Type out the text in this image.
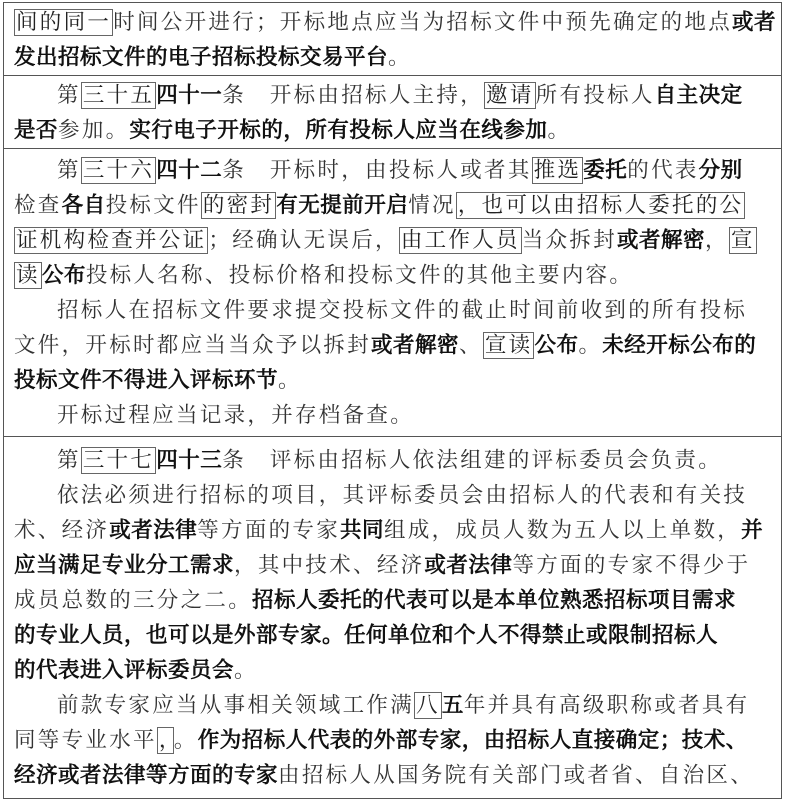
间的同一时间公开进行；开标地点应当为招标文件中预先确定的地点或者
发出招标文件的电子招标投标交易平台。
第三十五四十一条　开标由招标人主持，邀请所有投标人自主决定
是否参加。实行电子开标的，所有投标人应当在线参加。
第三十六四十二条　开标时，由投标人或者其推选委托的代表分别
检查各自投标文件的密封有无提前开启情况，也可以由招标人委托的公
证机构检查并公证；经确认无误后，由工作人员当众拆封或者解密，宣
读公布投标人名称、投标价格和投标文件的其他主要内容。
招标人在招标文件要求提交投标文件的截止时间前收到的所有投标
文件，开标时都应当当众予以拆封或者解密、宣读公布。未经开标公布的
投标文件不得进入评标环节。
开标过程应当记录，并存档备查。
第三十七四十三条　评标由招标人依法组建的评标委员会负责。
依法必须进行招标的项目，其评标委员会由招标人的代表和有关技
术、经济或者法律等方面的专家共同组成，成员人数为五人以上单数，并
应当满足专业分工需求，其中技术、经济或者法律等方面的专家不得少于
成员总数的三分之二。招标人委托的代表可以是本单位熟悉招标项目需求
的专业人员，也可以是外部专家。任何单位和个人不得禁止或限制招标人
的代表进入评标委员会。
前款专家应当从事相关领域工作满八五年并具有高级职称或者具有
同等专业水平，。作为招标人代表的外部专家，由招标人直接确定；技术、
经济或者法律等方面的专家由招标人从国务院有关部门或者省、自治区、
